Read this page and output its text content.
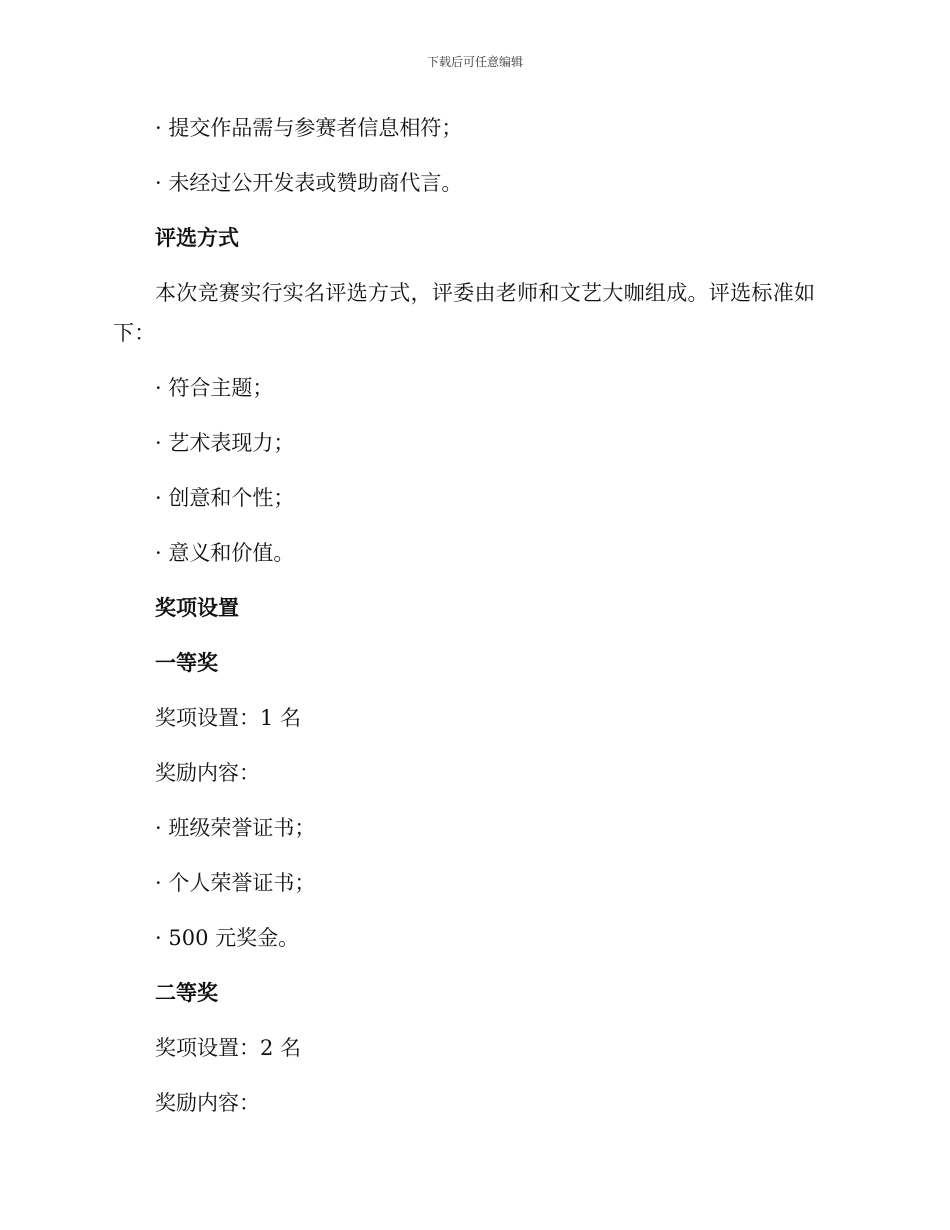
下载后可任意编辑
· 提交作品需与参赛者信息相符；
· 未经过公开发表或赞助商代言。
评选方式
本次竞赛实行实名评选方式，评委由老师和文艺大咖组成。评选标准如下：
· 符合主题；
· 艺术表现力；
· 创意和个性；
· 意义和价值。
奖项设置
一等奖
奖项设置：1 名
奖励内容：
· 班级荣誉证书；
· 个人荣誉证书；
· 500 元奖金。
二等奖
奖项设置：2 名
奖励内容：
